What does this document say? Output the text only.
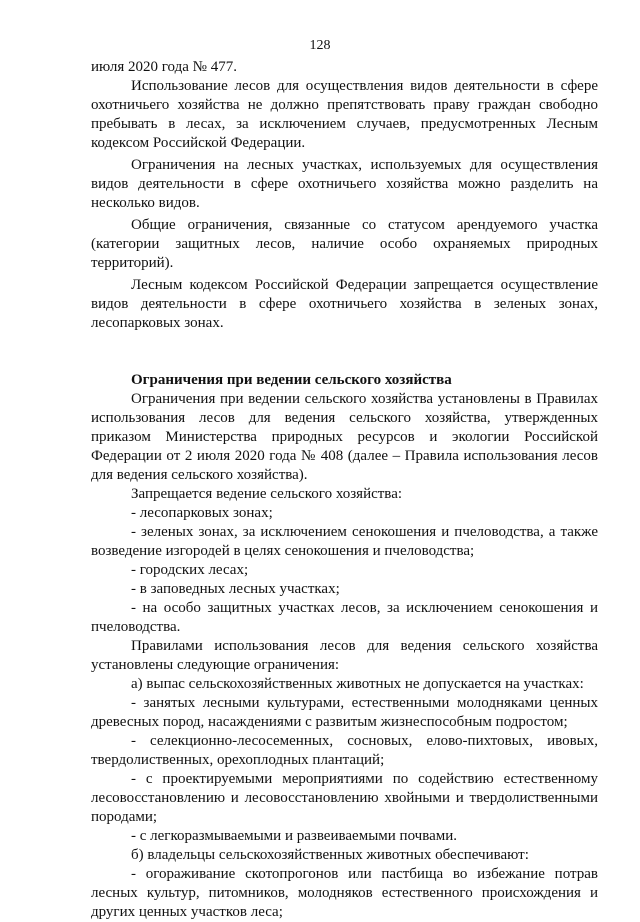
128

июля 2020 года № 477.

Использование лесов для осуществления видов деятельности в сфере охотничьего хозяйства не должно препятствовать праву граждан свободно пребывать в лесах, за исключением случаев, предусмотренных Лесным кодексом Российской Федерации.

Ограничения на лесных участках, используемых для осуществления видов деятельности в сфере охотничьего хозяйства можно разделить на несколько видов.

Общие ограничения, связанные со статусом арендуемого участка (категории защитных лесов, наличие особо охраняемых природных территорий).

Лесным кодексом Российской Федерации запрещается осуществление видов деятельности в сфере охотничьего хозяйства в зеленых зонах, лесопарковых зонах.

Ограничения при ведении сельского хозяйства

Ограничения при ведении сельского хозяйства установлены в Правилах использования лесов для ведения сельского хозяйства, утвержденных приказом Министерства природных ресурсов и экологии Российской Федерации от 2 июля 2020 года № 408 (далее – Правила использования лесов для ведения сельского хозяйства).

Запрещается ведение сельского хозяйства:

- лесопарковых зонах;

- зеленых зонах, за исключением сенокошения и пчеловодства, а также возведение изгородей в целях сенокошения и пчеловодства;

- городских лесах;

- в заповедных лесных участках;

- на особо защитных участках лесов, за исключением сенокошения и пчеловодства.

Правилами использования лесов для ведения сельского хозяйства установлены следующие ограничения:

а) выпас сельскохозяйственных животных не допускается на участках:

- занятых лесными культурами, естественными молодняками ценных древесных пород, насаждениями с развитым жизнеспособным подростом;

- селекционно-лесосеменных, сосновых, елово-пихтовых, ивовых, твердолиственных, орехоплодных плантаций;

- с проектируемыми мероприятиями по содействию естественному лесовосстановлению и лесовосстановлению хвойными и твердолиственными породами;

- с легкоразмываемыми и развеиваемыми почвами.

б) владельцы сельскохозяйственных животных обеспечивают:

- огораживание скотопрогонов или пастбища во избежание потрав лесных культур, питомников, молодняков естественного происхождения и других ценных участков леса;
